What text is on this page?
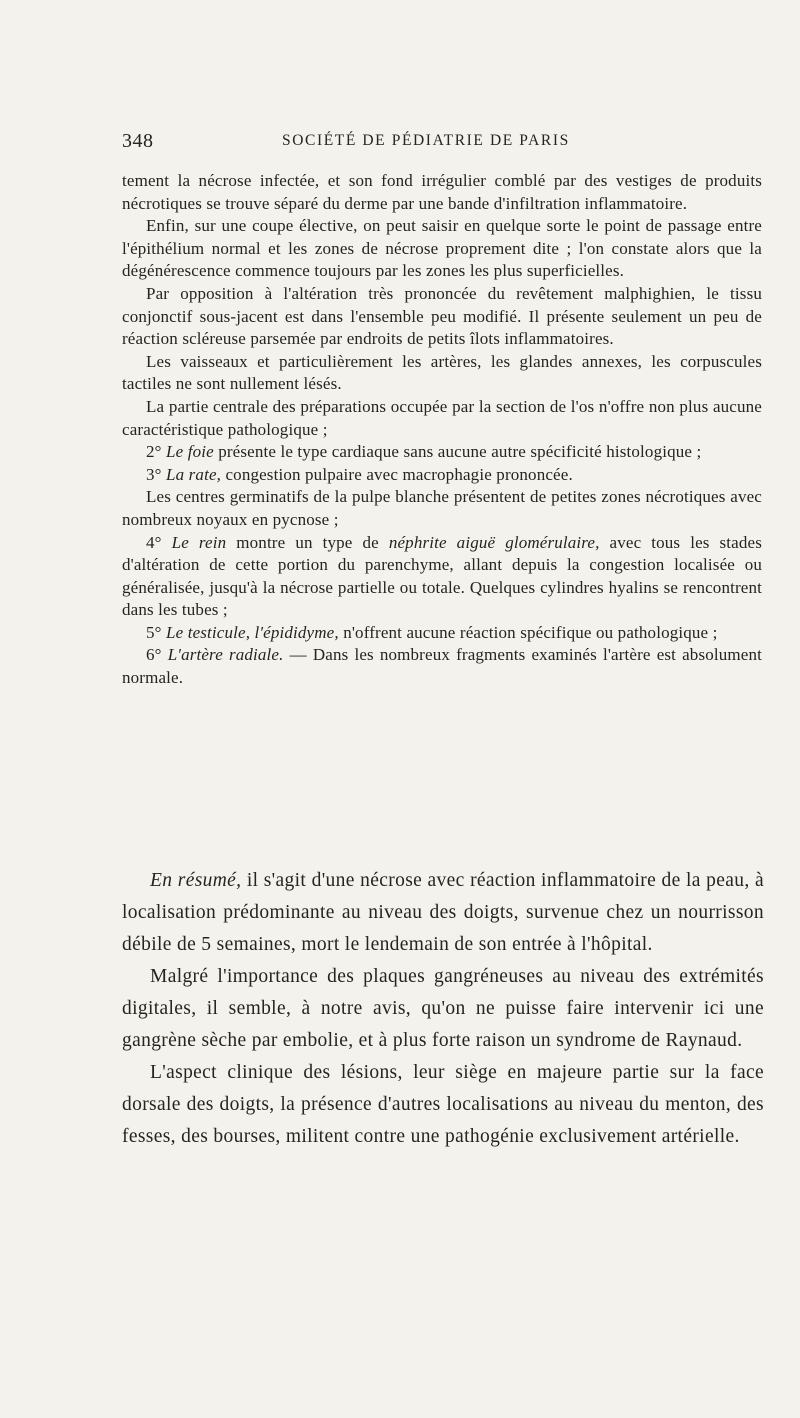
348	SOCIÉTÉ DE PÉDIATRIE DE PARIS

tement la nécrose infectée, et son fond irrégulier comblé par des vestiges de produits nécrotiques se trouve séparé du derme par une bande d'infiltration inflammatoire.

Enfin, sur une coupe élective, on peut saisir en quelque sorte le point de passage entre l'épithélium normal et les zones de nécrose proprement dite ; l'on constate alors que la dégénérescence commence toujours par les zones les plus superficielles.

Par opposition à l'altération très prononcée du revêtement malphighien, le tissu conjonctif sous-jacent est dans l'ensemble peu modifié. Il présente seulement un peu de réaction scléreuse parsemée par endroits de petits îlots inflammatoires.

Les vaisseaux et particulièrement les artères, les glandes annexes, les corpuscules tactiles ne sont nullement lésés.

La partie centrale des préparations occupée par la section de l'os n'offre non plus aucune caractéristique pathologique ;

2° Le foie présente le type cardiaque sans aucune autre spécificité histologique ;

3° La rate, congestion pulpaire avec macrophagie prononcée.

Les centres germinatifs de la pulpe blanche présentent de petites zones nécrotiques avec nombreux noyaux en pycnose ;

4° Le rein montre un type de néphrite aiguë glomérulaire, avec tous les stades d'altération de cette portion du parenchyme, allant depuis la congestion localisée ou généralisée, jusqu'à la nécrose partielle ou totale. Quelques cylindres hyalins se rencontrent dans les tubes ;

5° Le testicule, l'épididyme, n'offrent aucune réaction spécifique ou pathologique ;

6° L'artère radiale. — Dans les nombreux fragments examinés l'artère est absolument normale.

En résumé, il s'agit d'une nécrose avec réaction inflammatoire de la peau, à localisation prédominante au niveau des doigts, survenue chez un nourrisson débile de 5 semaines, mort le lendemain de son entrée à l'hôpital.

Malgré l'importance des plaques gangréneuses au niveau des extrémités digitales, il semble, à notre avis, qu'on ne puisse faire intervenir ici une gangrène sèche par embolie, et à plus forte raison un syndrome de Raynaud.

L'aspect clinique des lésions, leur siège en majeure partie sur la face dorsale des doigts, la présence d'autres localisations au niveau du menton, des fesses, des bourses, militent contre une pathogénie exclusivement artérielle.
